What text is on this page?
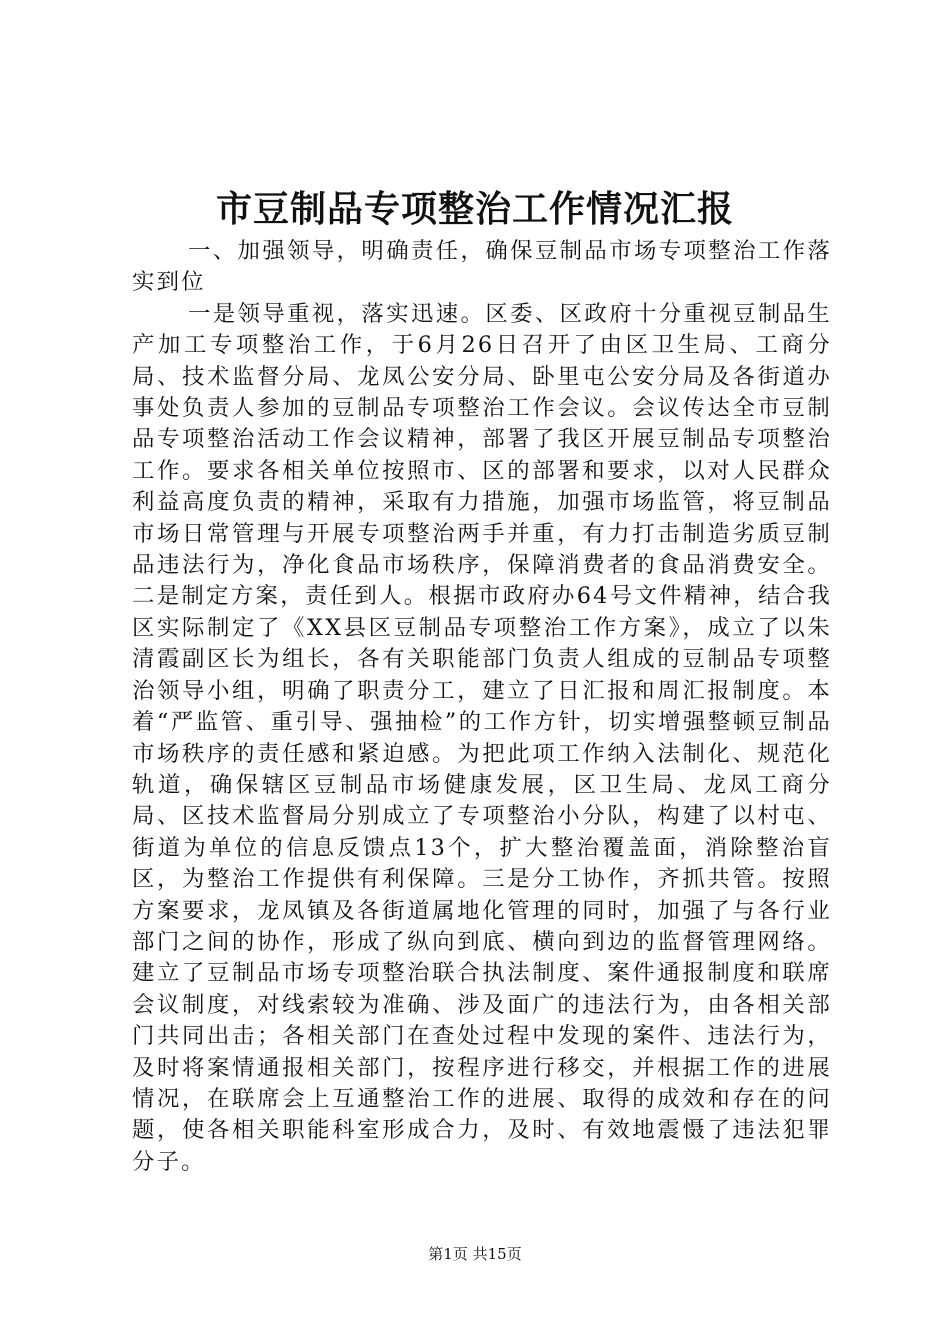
市豆制品专项整治工作情况汇报

一、加强领导，明确责任，确保豆制品市场专项整治工作落实到位

一是领导重视，落实迅速。区委、区政府十分重视豆制品生产加工专项整治工作，于6月26日召开了由区卫生局、工商分局、技术监督分局、龙凤公安分局、卧里屯公安分局及各街道办事处负责人参加的豆制品专项整治工作会议。会议传达全市豆制品专项整治活动工作会议精神，部署了我区开展豆制品专项整治工作。要求各相关单位按照市、区的部署和要求，以对人民群众利益高度负责的精神，采取有力措施，加强市场监管，将豆制品市场日常管理与开展专项整治两手并重，有力打击制造劣质豆制品违法行为，净化食品市场秩序，保障消费者的食品消费安全。二是制定方案，责任到人。根据市政府办64号文件精神，结合我区实际制定了《XX县区豆制品专项整治工作方案》，成立了以朱清霞副区长为组长，各有关职能部门负责人组成的豆制品专项整治领导小组，明确了职责分工，建立了日汇报和周汇报制度。本着“严监管、重引导、强抽检”的工作方针，切实增强整顿豆制品市场秩序的责任感和紧迫感。为把此项工作纳入法制化、规范化轨道，确保辖区豆制品市场健康发展，区卫生局、龙凤工商分局、区技术监督局分别成立了专项整治小分队，构建了以村屯、街道为单位的信息反馈点13个，扩大整治覆盖面，消除整治盲区，为整治工作提供有利保障。三是分工协作，齐抓共管。按照方案要求，龙凤镇及各街道属地化管理的同时，加强了与各行业部门之间的协作，形成了纵向到底、横向到边的监督管理网络。建立了豆制品市场专项整治联合执法制度、案件通报制度和联席会议制度，对线索较为准确、涉及面广的违法行为，由各相关部门共同出击；各相关部门在查处过程中发现的案件、违法行为，及时将案情通报相关部门，按程序进行移交，并根据工作的进展情况，在联席会上互通整治工作的进展、取得的成效和存在的问题，使各相关职能科室形成合力，及时、有效地震慑了违法犯罪分子。

第1页 共15页
